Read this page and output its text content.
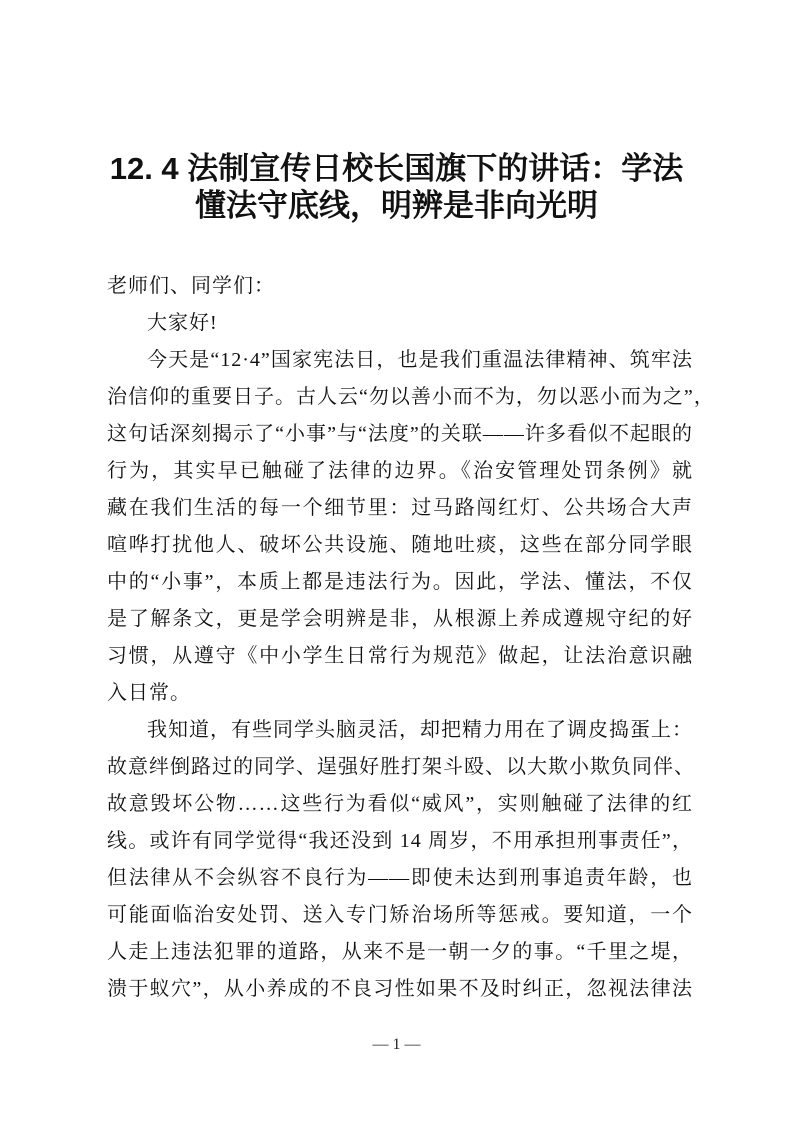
12. 4 法制宣传日校长国旗下的讲话：学法
懂法守底线，明辨是非向光明
老师们、同学们：
大家好!
今天是“12·4”国家宪法日，也是我们重温法律精神、筑牢法
治信仰的重要日子。古人云“勿以善小而不为，勿以恶小而为之”，
这句话深刻揭示了“小事”与“法度”的关联——许多看似不起眼的
行为，其实早已触碰了法律的边界。《治安管理处罚条例》就
藏在我们生活的每一个细节里：过马路闯红灯、公共场合大声
喧哗打扰他人、破坏公共设施、随地吐痰，这些在部分同学眼
中的“小事”，本质上都是违法行为。因此，学法、懂法，不仅
是了解条文，更是学会明辨是非，从根源上养成遵规守纪的好
习惯，从遵守《中小学生日常行为规范》做起，让法治意识融
入日常。
我知道，有些同学头脑灵活，却把精力用在了调皮捣蛋上：
故意绊倒路过的同学、逞强好胜打架斗殴、以大欺小欺负同伴、
故意毁坏公物……这些行为看似“威风”，实则触碰了法律的红
线。或许有同学觉得“我还没到 14 周岁，不用承担刑事责任”，
但法律从不会纵容不良行为——即使未达到刑事追责年龄，也
可能面临治安处罚、送入专门矫治场所等惩戒。要知道，一个
人走上违法犯罪的道路，从来不是一朝一夕的事。“千里之堤，
溃于蚁穴”，从小养成的不良习性如果不及时纠正，忽视法律法
— 1 —
